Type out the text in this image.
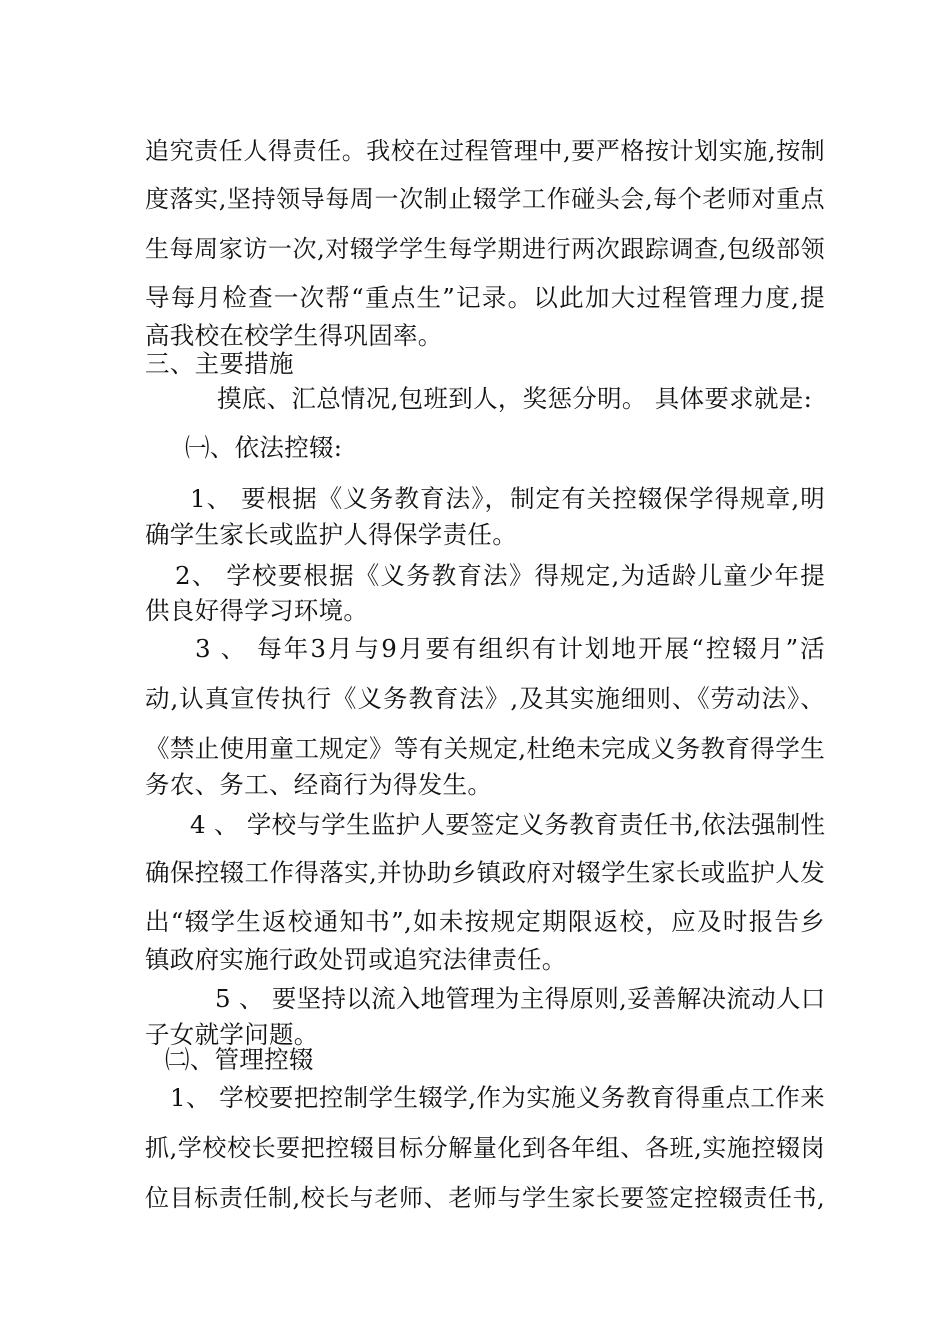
追究责任人得责任。我校在过程管理中,要严格按计划实施,按制
度落实,坚持领导每周一次制止辍学工作碰头会,每个老师对重点
生每周家访一次,对辍学学生每学期进行两次跟踪调查,包级部领
导每月检查一次帮“重点生”记录。以此加大过程管理力度,提
高我校在校学生得巩固率。
三、主要措施
摸底、汇总情况,包班到人，奖惩分明。 具体要求就是:
㈠、依法控辍:
1、 要根据《义务教育法》，制定有关控辍保学得规章,明
确学生家长或监护人得保学责任。
2、 学校要根据《义务教育法》得规定,为适龄儿童少年提
供良好得学习环境。
3 、 每年3月与9月要有组织有计划地开展“控辍月”活
动,认真宣传执行《义务教育法》,及其实施细则、《劳动法》、
《禁止使用童工规定》等有关规定,杜绝未完成义务教育得学生
务农、务工、经商行为得发生。
4 、 学校与学生监护人要签定义务教育责任书,依法强制性
确保控辍工作得落实,并协助乡镇政府对辍学生家长或监护人发
出“辍学生返校通知书”,如未按规定期限返校，应及时报告乡
镇政府实施行政处罚或追究法律责任。
5 、 要坚持以流入地管理为主得原则,妥善解决流动人口
子女就学问题。
㈡、管理控辍
1、 学校要把控制学生辍学,作为实施义务教育得重点工作来
抓,学校校长要把控辍目标分解量化到各年组、各班,实施控辍岗
位目标责任制,校长与老师、老师与学生家长要签定控辍责任书,
